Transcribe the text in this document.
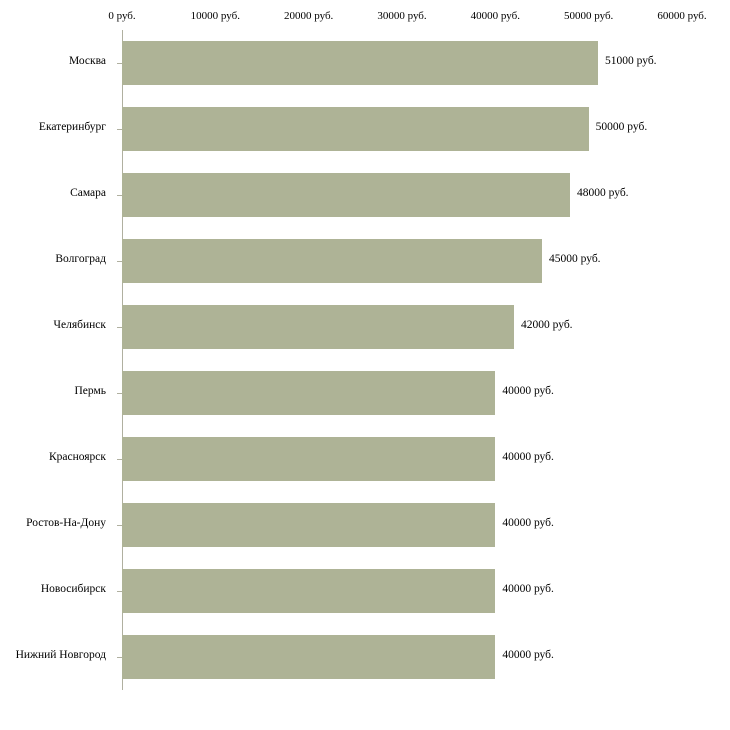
0 руб.	10000 руб.	20000 руб.	30000 руб.	40000 руб.	50000 руб.	60000 руб.
Москва
Екатеринбург
Самара
Волгоград
Челябинск
Пермь
Красноярск
Ростов-На-Дону
Новосибирск
Нижний Новгород
51000 руб.
50000 руб.
48000 руб.
45000 руб.
42000 руб.
40000 руб.
40000 руб.
40000 руб.
40000 руб.
40000 руб.
